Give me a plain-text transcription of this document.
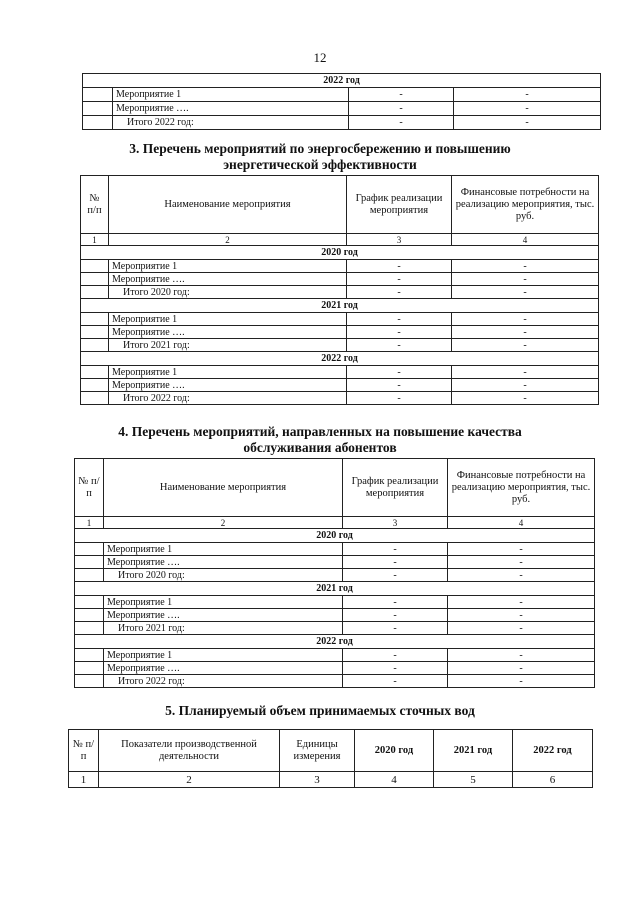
12
2022 год			
	Мероприятие 1	-	-
	Мероприятие ….	-	-
	Итого 2022 год:	-	-
3. Перечень мероприятий по энергосбережению и повышению
энергетической эффективности
№ п/п	Наименование мероприятия	График реализации мероприятия	Финансовые потребности на реализацию мероприятия, тыс. руб.
1	2	3	4
2020 год			
	Мероприятие 1	-	-
	Мероприятие ….	-	-
	Итого 2020 год:	-	-
2021 год			
	Мероприятие 1	-	-
	Мероприятие ….	-	-
	Итого 2021 год:	-	-
2022 год			
	Мероприятие 1	-	-
	Мероприятие ….	-	-
	Итого 2022 год:	-	-
4. Перечень мероприятий, направленных на повышение качества
обслуживания абонентов
№ п/п	Наименование мероприятия	График реализации мероприятия	Финансовые потребности на реализацию мероприятия, тыс. руб.
1	2	3	4
2020 год			
	Мероприятие 1	-	-
	Мероприятие ….	-	-
	Итого 2020 год:	-	-
2021 год			
	Мероприятие 1	-	-
	Мероприятие ….	-	-
	Итого 2021 год:	-	-
2022 год			
	Мероприятие 1	-	-
	Мероприятие ….	-	-
	Итого 2022 год:	-	-
5. Планируемый объем принимаемых сточных вод
№ п/п	Показатели производственной деятельности	Единицы измерения	2020 год	2021 год	2022 год
1	2	3	4	5	6
